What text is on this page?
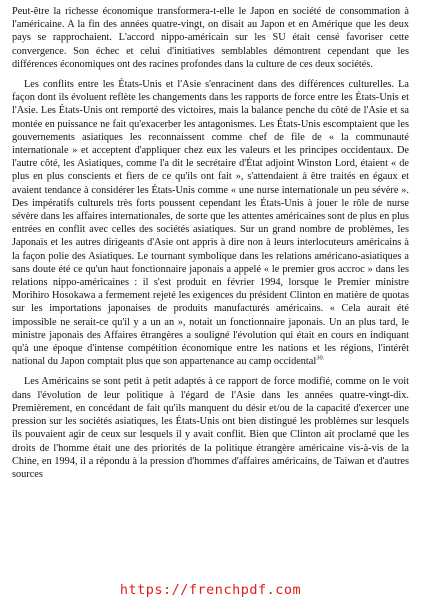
Peut-être la richesse économique transformera-t-elle le Japon en société de consommation à l'américaine. A la fin des années quatre-vingt, on disait au Japon et en Amérique que les deux pays se rapprochaient. L'accord nippo-américain sur les SU était censé favoriser cette convergence. Son échec et celui d'initiatives semblables démontrent cependant que les différences économiques ont des racines profondes dans la culture de ces deux sociétés.

Les conflits entre les États-Unis et l'Asie s'enracinent dans des différences culturelles. La façon dont ils évoluent reflète les changements dans les rapports de force entre les États-Unis et l'Asie. Les États-Unis ont remporté des victoires, mais la balance penche du côté de l'Asie et sa montée en puissance ne fait qu'exacerber les antagonismes. Les États-Unis escomptaient que les gouvernements asiatiques les reconnaissent comme chef de file de « la communauté internationale » et acceptent d'appliquer chez eux les valeurs et les principes occidentaux. De l'autre côté, les Asiatiques, comme l'a dit le secrétaire d'État adjoint Winston Lord, étaient « de plus en plus conscients et fiers de ce qu'ils ont fait », s'attendaient à être traités en égaux et avaient tendance à considérer les États-Unis comme « une nurse internationale un peu sévère ». Des impératifs culturels très forts poussent cependant les États-Unis à jouer le rôle de nurse sévère dans les affaires internationales, de sorte que les attentes américaines sont de plus en plus entrées en conflit avec celles des sociétés asiatiques. Sur un grand nombre de problèmes, les Japonais et les autres dirigeants d'Asie ont appris à dire non à leurs interlocuteurs américains à la façon polie des Asiatiques. Le tournant symbolique dans les relations américano-asiatiques a sans doute été ce qu'un haut fonctionnaire japonais a appelé « le premier gros accroc » dans les relations nippo-américaines : il s'est produit en février 1994, lorsque le Premier ministre Morihiro Hosokawa a fermement rejeté les exigences du président Clinton en matière de quotas sur les importations japonaises de produits manufacturés américains. « Cela aurait été impossible ne serait-ce qu'il y a un an », notait un fonctionnaire japonais. Un an plus tard, le ministre japonais des Affaires étrangères a souligné l'évolution qui était en cours en indiquant qu'à une époque d'intense compétition économique entre les nations et les régions, l'intérêt national du Japon comptait plus que son appartenance au camp occidental$^{30.}$

Les Américains se sont petit à petit adaptés à ce rapport de force modifié, comme on le voit dans l'évolution de leur politique à l'égard de l'Asie dans les années quatre-vingt-dix. Premièrement, en concédant de fait qu'ils manquent du désir et/ou de la capacité d'exercer une pression sur les sociétés asiatiques, les États-Unis ont bien distingué les problèmes sur lesquels ils pouvaient agir de ceux sur lesquels il y avait conflit. Bien que Clinton ait proclamé que les droits de l'homme était une des priorités de la politique étrangère américaine vis-à-vis de la Chine, en 1994, il a répondu à la pression d'hommes d'affaires américains, de Taiwan et d'autres sources

https://frenchpdf.com
